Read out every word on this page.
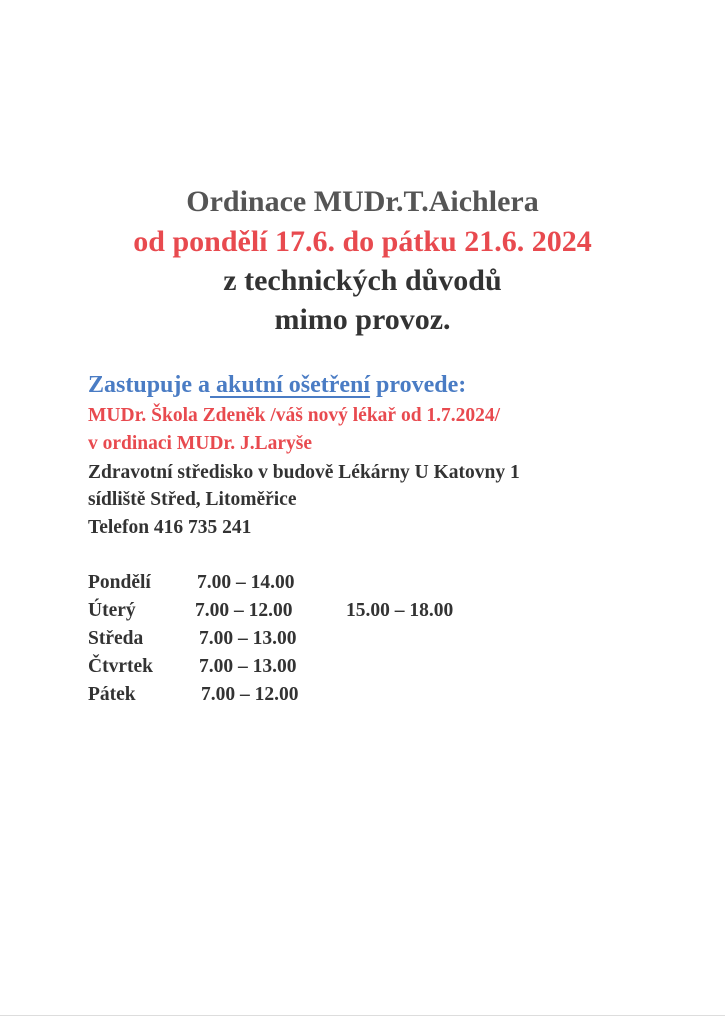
Ordinace MUDr.T.Aichlera
od pondělí 17.6. do pátku 21.6. 2024
z technických důvodů
mimo provoz.
Zastupuje a akutní ošetření provede:
MUDr. Škola Zdeněk /váš nový lékař od 1.7.2024/
v ordinaci MUDr. J.Laryše
Zdravotní středisko v budově Lékárny U Katovny 1
sídliště Střed, Litoměřice
Telefon 416 735 241
Pondělí 7.00 – 14.00
Úterý	7.00 – 12.00	15.00 – 18.00
Středa	7.00 – 13.00
Čtvrtek 7.00 – 13.00
Pátek	7.00 – 12.00
